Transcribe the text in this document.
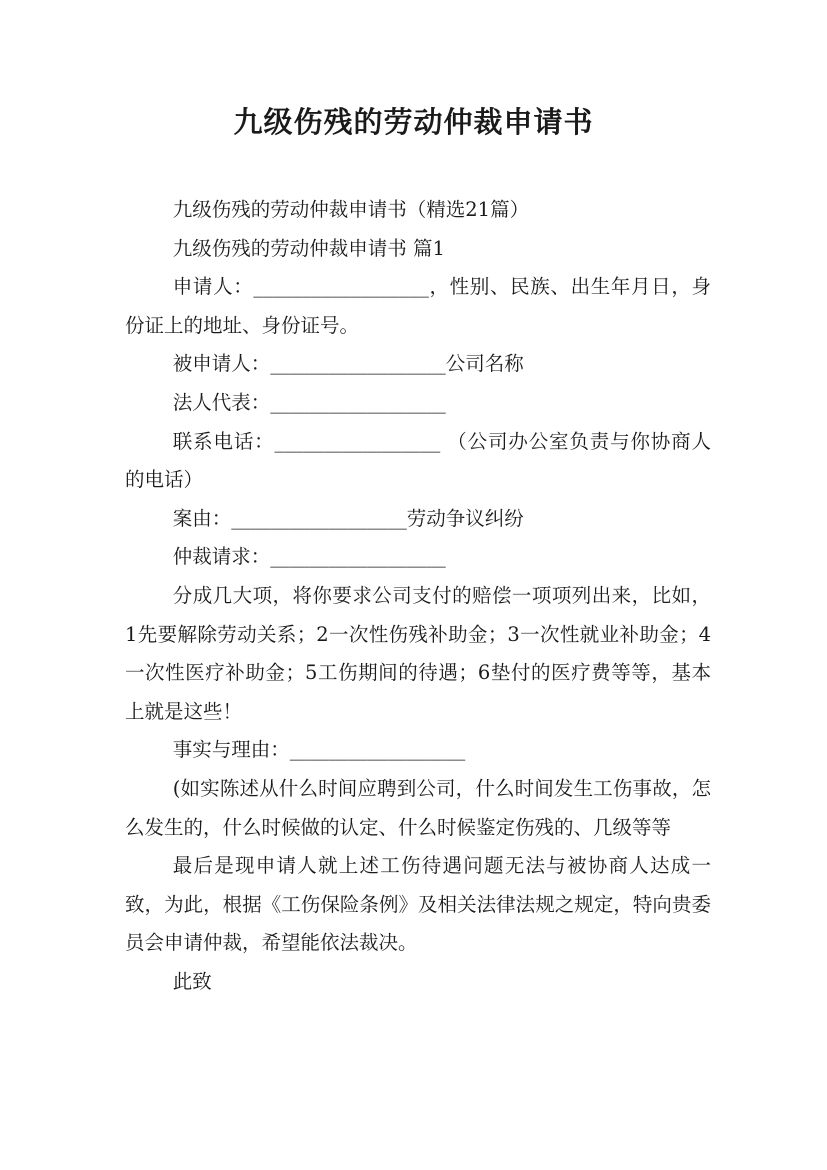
九级伤残的劳动仲裁申请书

九级伤残的劳动仲裁申请书（精选21篇）

九级伤残的劳动仲裁申请书 篇1

申请人：__________________，性别、民族、出生年月日，身份证上的地址、身份证号。

被申请人：__________________公司名称

法人代表：__________________

联系电话：_________________ （公司办公室负责与你协商人的电话）

案由：__________________劳动争议纠纷

仲裁请求：__________________

分成几大项，将你要求公司支付的赔偿一项项列出来，比如，1先要解除劳动关系；2一次性伤残补助金；3一次性就业补助金；4一次性医疗补助金；5工伤期间的待遇；6垫付的医疗费等等，基本上就是这些！

事实与理由：__________________

(如实陈述从什么时间应聘到公司，什么时间发生工伤事故，怎么发生的，什么时候做的认定、什么时候鉴定伤残的、几级等等

最后是现申请人就上述工伤待遇问题无法与被协商人达成一致，为此，根据《工伤保险条例》及相关法律法规之规定，特向贵委员会申请仲裁，希望能依法裁决。

此致
